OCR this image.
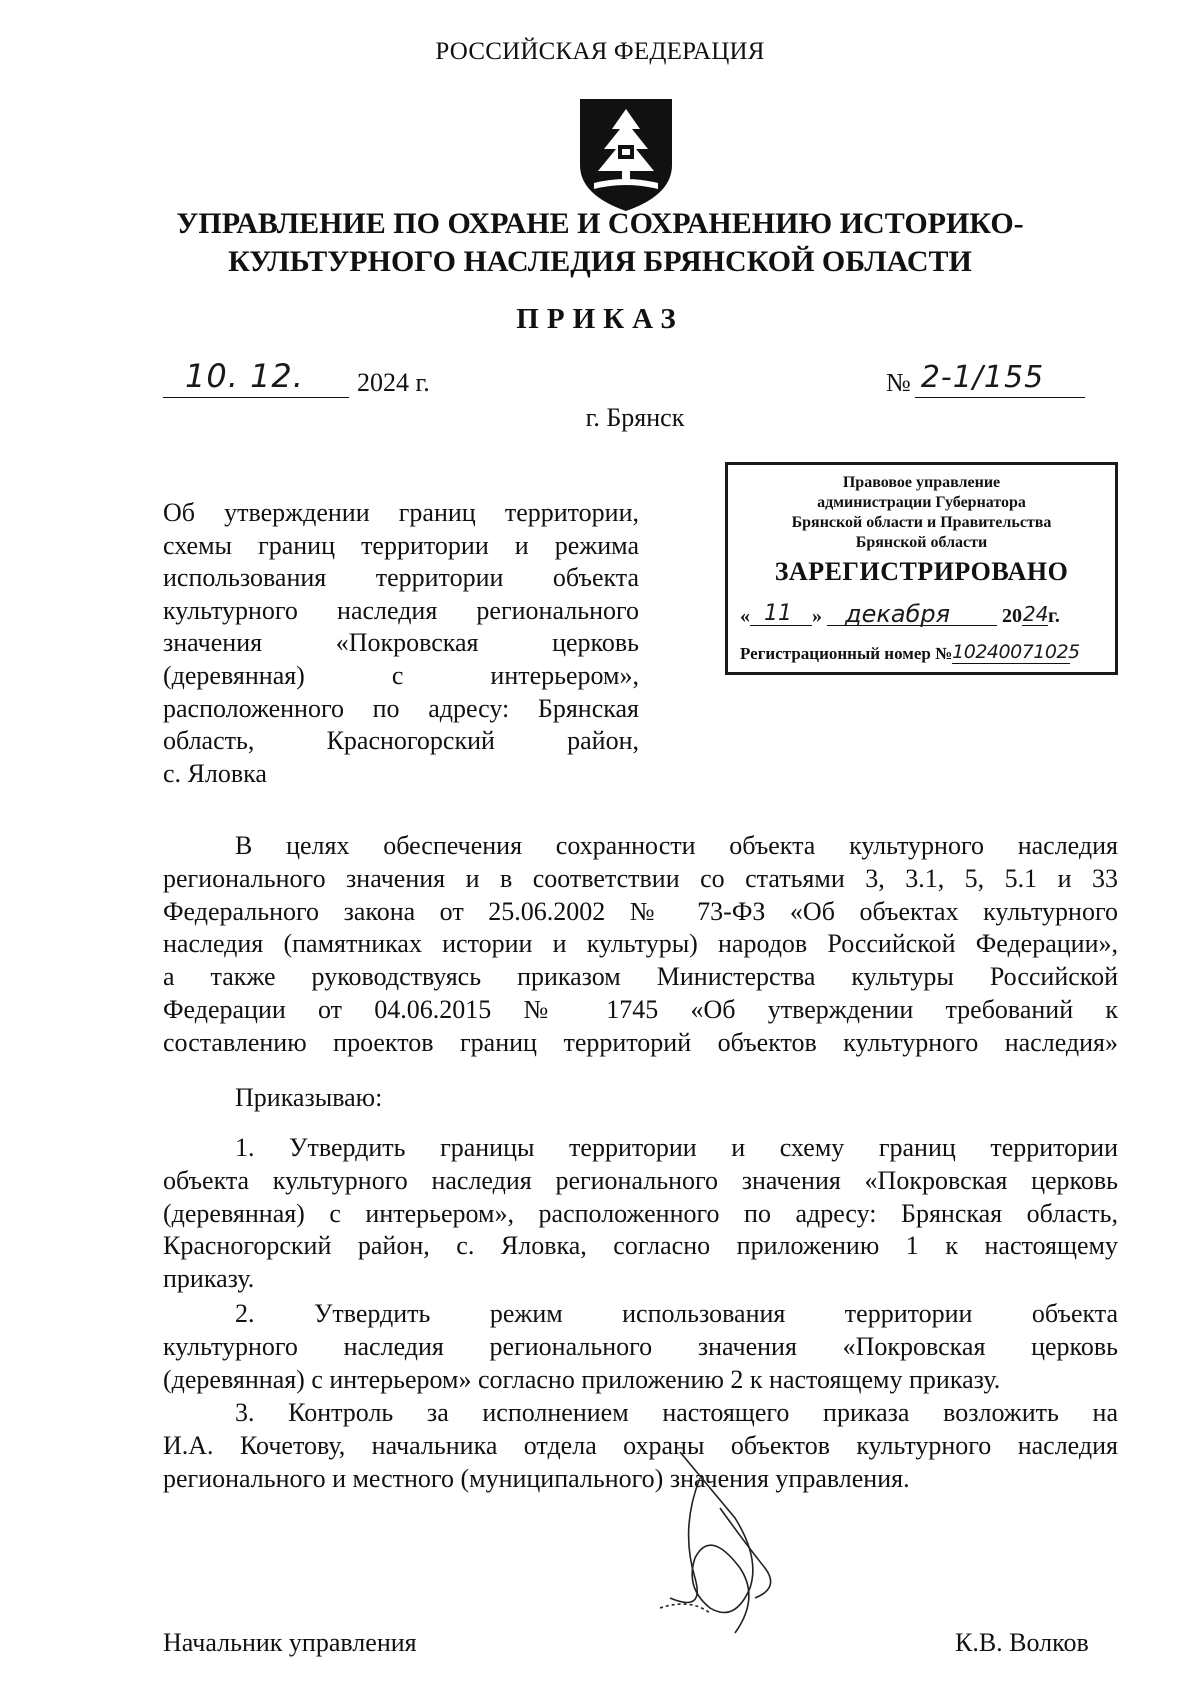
РОССИЙСКАЯ ФЕДЕРАЦИЯ
УПРАВЛЕНИЕ ПО ОХРАНЕ И СОХРАНЕНИЮ ИСТОРИКО-
КУЛЬТУРНОГО НАСЛЕДИЯ БРЯНСКОЙ ОБЛАСТИ
ПРИКАЗ
10. 12. 2024 г.	№ 2-1/155
г. Брянск
Правовое управление
администрации Губернатора
Брянской области и Правительства
Брянской области
ЗАРЕГИСТРИРОВАНО
« 11 » декабря	20 24 г.
Регистрационный номер № 10240071025
Об утверждении границ территории,
схемы границ территории и режима
использования территории объекта
культурного наследия регионального
значения «Покровская церковь
(деревянная) с интерьером»,
расположенного по адресу: Брянская
область, Красногорский район,
с. Яловка
В целях обеспечения сохранности объекта культурного наследия
регионального значения и в соответствии со статьями 3, 3.1, 5, 5.1 и 33
Федерального закона от 25.06.2002 № 73-ФЗ «Об объектах культурного
наследия (памятниках истории и культуры) народов Российской Федерации»,
а также руководствуясь приказом Министерства культуры Российской
Федерации от 04.06.2015 № 1745 «Об утверждении требований к
составлению проектов границ территорий объектов культурного наследия»
Приказываю:
1. Утвердить границы территории и схему границ территории
объекта культурного наследия регионального значения «Покровская церковь
(деревянная) с интерьером», расположенного по адресу: Брянская область,
Красногорский район, с. Яловка, согласно приложению 1 к настоящему
приказу.
2. Утвердить режим использования территории объекта
культурного наследия регионального значения «Покровская церковь
(деревянная) с интерьером» согласно приложению 2 к настоящему приказу.
3. Контроль за исполнением настоящего приказа возложить на
И.А. Кочетову, начальника отдела охраны объектов культурного наследия
регионального и местного (муниципального) значения управления.
Начальник управления	К.В. Волков
